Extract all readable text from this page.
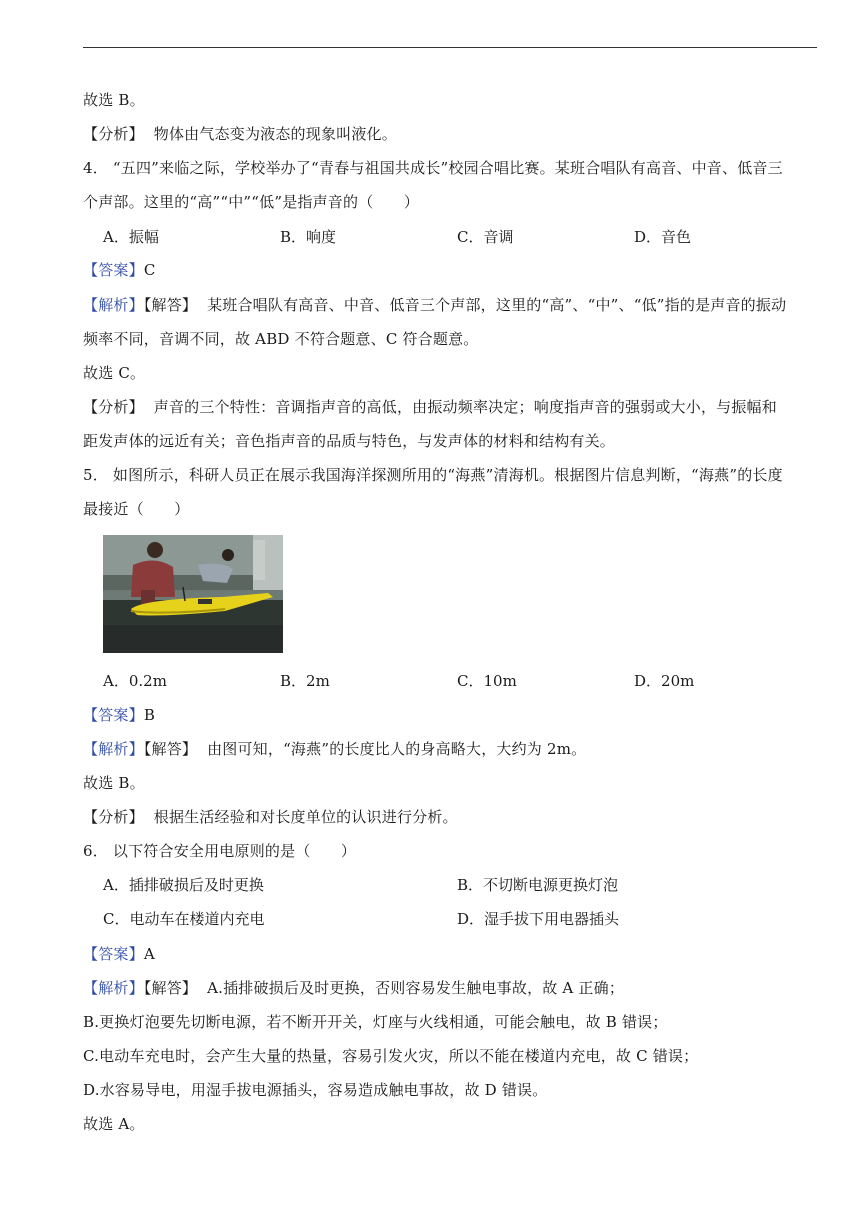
故选 B。
【分析】 物体由气态变为液态的现象叫液化。
4． “五四”来临之际，学校举办了“青春与祖国共成长”校园合唱比赛。某班合唱队有高音、中音、低音三
个声部。这里的“高”“中”“低”是指声音的（　　）
A．振幅	B．响度	C．音调	D．音色
【答案】C
【解析】【解答】 某班合唱队有高音、中音、低音三个声部，这里的“高”、“中”、“低”指的是声音的振动
频率不同，音调不同，故 ABD 不符合题意、C 符合题意。
故选 C。
【分析】 声音的三个特性：音调指声音的高低，由振动频率决定；响度指声音的强弱或大小，与振幅和
距发声体的远近有关；音色指声音的品质与特色，与发声体的材料和结构有关。
5． 如图所示，科研人员正在展示我国海洋探测所用的“海燕”清海机。根据图片信息判断，“海燕”的长度
最接近（　　）
A．0.2m	B．2m	C．10m	D．20m
【答案】B
【解析】【解答】 由图可知，“海燕”的长度比人的身高略大，大约为 2m。
故选 B。
【分析】 根据生活经验和对长度单位的认识进行分析。
6． 以下符合安全用电原则的是（　　）
A．插排破损后及时更换	B．不切断电源更换灯泡
C．电动车在楼道内充电	D．湿手拔下用电器插头
【答案】A
【解析】【解答】 A.插排破损后及时更换，否则容易发生触电事故，故 A 正确；
B.更换灯泡要先切断电源，若不断开开关，灯座与火线相通，可能会触电，故 B 错误；
C.电动车充电时，会产生大量的热量，容易引发火灾，所以不能在楼道内充电，故 C 错误；
D.水容易导电，用湿手拔电源插头，容易造成触电事故，故 D 错误。
故选 A。
